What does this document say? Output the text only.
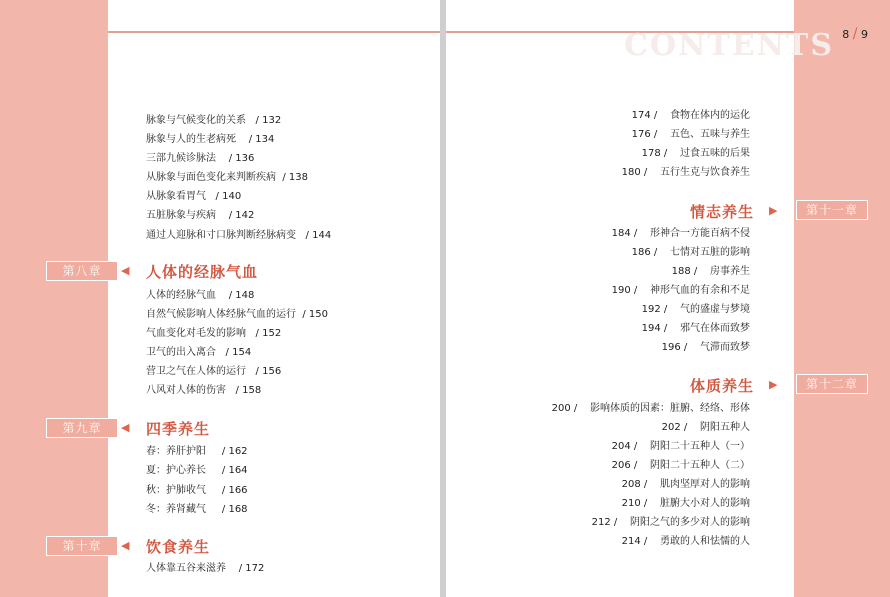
脉象与气候变化的关系 / 132
脉象与人的生老病死 / 134
三部九候诊脉法 / 136
从脉象与面色变化来判断疾病 / 138
从脉象看胃气 / 140
五脏脉象与疾病 / 142
通过人迎脉和寸口脉判断经脉病变 / 144
第八章	◀ 人体的经脉气血
人体的经脉气血 / 148
自然气候影响人体经脉气血的运行 / 150
气血变化对毛发的影响 / 152
卫气的出入离合 / 154
营卫之气在人体的运行 / 156
八风对人体的伤害 / 158
第九章	◀ 四季养生
春：养肝护阳 / 162
夏：护心养长 / 164
秋：护肺收气 / 166
冬：养肾藏气 / 168
第十章	◀ 饮食养生
人体靠五谷来滋养 / 172
CONTENTS 8 / 9
174 / 食物在体内的运化
176 / 五色、五味与养生
178 / 过食五味的后果
180 / 五行生克与饮食养生
情志养生 ▶	第十一章
184 / 形神合一方能百病不侵
186 / 七情对五脏的影响
188 / 房事养生
190 / 神形气血的有余和不足
192 / 气的盛虚与梦境
194 / 邪气在体而致梦
196 / 气滞而致梦
体质养生 ▶	第十二章
200 / 影响体质的因素：脏腑、经络、形体
202 / 阴阳五种人
204 / 阴阳二十五种人（一）
206 / 阴阳二十五种人（二）
208 / 肌肉坚厚对人的影响
210 / 脏腑大小对人的影响
212 / 阴阳之气的多少对人的影响
214 / 勇敢的人和怯懦的人
